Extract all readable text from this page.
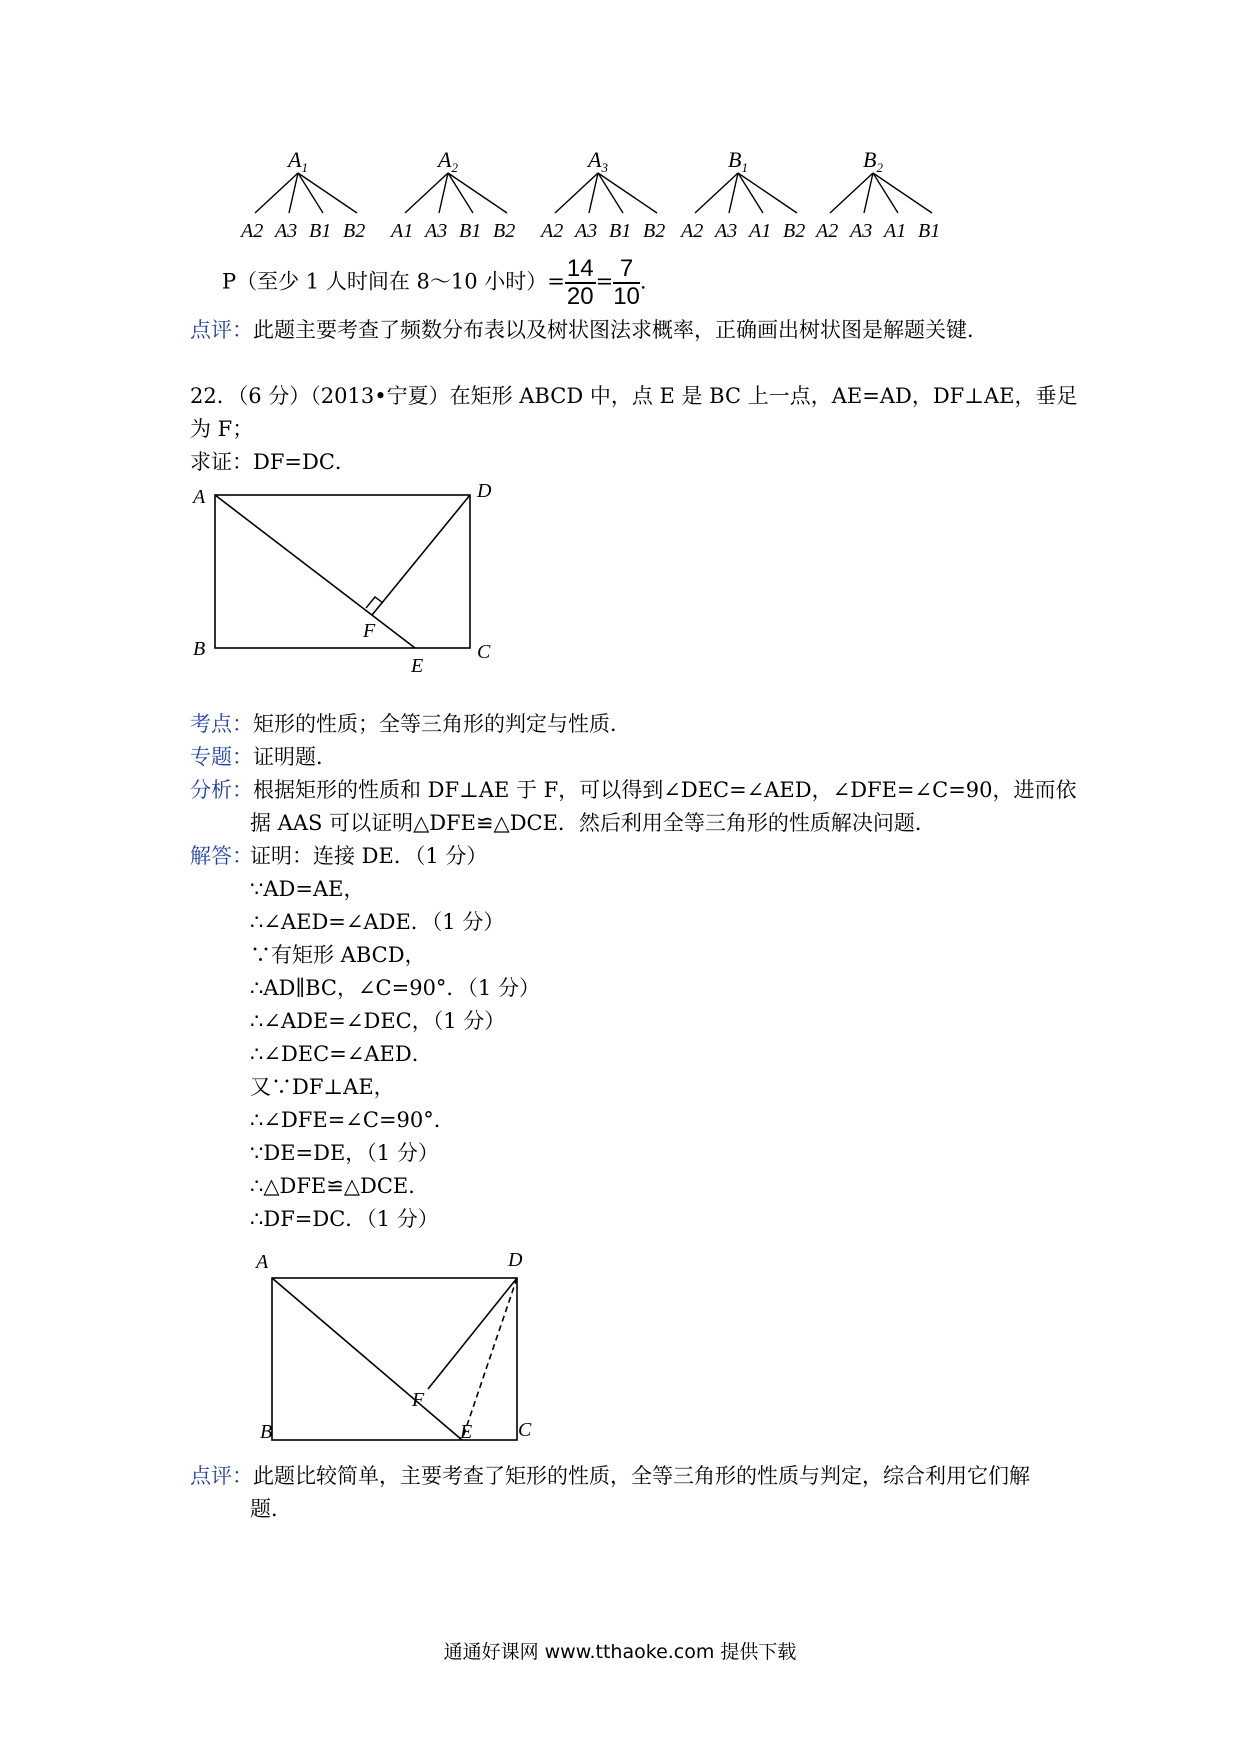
$A_1$
A2 A3 B1 B2
$A_2$
A1 A3 B1 B2
$A_3$
A2 A3 B1 B2
$B_1$
A2 A3 A1 B2
$B_2$
A2 A3 A1 B1
P（至少 1 人时间在 8～10 小时）= $\frac{14}{20} = \frac{7}{10}$ .
点评：此题主要考查了频数分布表以及树状图法求概率，正确画出树状图是解题关键．
22．（6 分）（2013•宁夏）在矩形 ABCD 中，点 E 是 BC 上一点，AE=AD，DF⊥AE，垂足
为 F；
求证：DF=DC．
A	D
B	C
E
F
考点：矩形的性质；全等三角形的判定与性质．
专题：证明题．
分析：根据矩形的性质和 DF⊥AE 于 F，可以得到∠DEC=∠AED，∠DFE=∠C=90，进而依
据 AAS 可以证明△DFE≌△DCE．然后利用全等三角形的性质解决问题．
解答：
证明：连接 DE．（1 分）
∵AD=AE，
∴∠AED=∠ADE．（1 分）
∵有矩形 ABCD，
∴AD∥BC，∠C=90°．（1 分）
∴∠ADE=∠DEC，（1 分）
∴∠DEC=∠AED．
又∵DF⊥AE，
∴∠DFE=∠C=90°．
∵DE=DE，（1 分）
∴△DFE≌△DCE．
∴DF=DC．（1 分）
A	D
B	C
E
F
点评：此题比较简单，主要考查了矩形的性质，全等三角形的性质与判定，综合利用它们解
题．
通通好课网 www.tthaoke.com 提供下载
